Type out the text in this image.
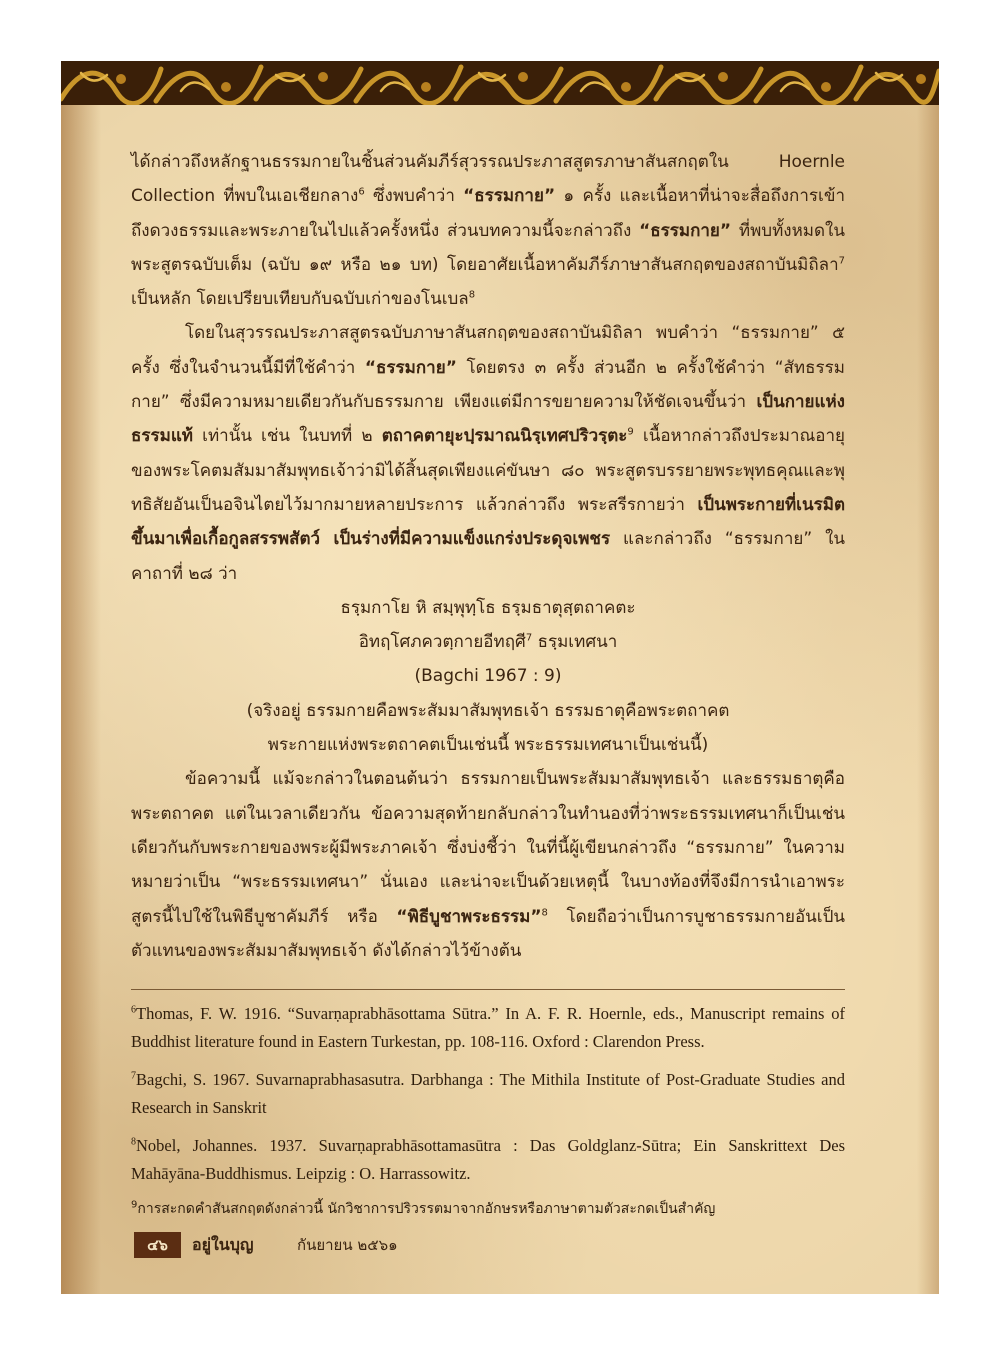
ได้กล่าวถึงหลักฐานธรรมกายในชิ้นส่วนคัมภีร์สุวรรณประภาสสูตรภาษาสันสกฤตใน Hoernle Collection ที่พบในเอเชียกลาง$^6$ ซึ่งพบคำว่า “ธรรมกาย” ๑ ครั้ง และเนื้อหาที่น่าจะสื่อถึงการเข้าถึงดวงธรรมและพระภายในไปแล้วครั้งหนึ่ง ส่วนบทความนี้จะกล่าวถึง “ธรรมกาย” ที่พบทั้งหมดในพระสูตรฉบับเต็ม (ฉบับ ๑๙ หรือ ๒๑ บท) โดยอาศัยเนื้อหาคัมภีร์ภาษาสันสกฤตของสถาบันมิถิลา$^7$ เป็นหลัก โดยเปรียบเทียบกับฉบับเก่าของโนเบล$^8$

โดยในสุวรรณประภาสสูตรฉบับภาษาสันสกฤตของสถาบันมิถิลา พบคำว่า “ธรรมกาย” ๕ ครั้ง ซึ่งในจำนวนนี้มีที่ใช้คำว่า “ธรรมกาย” โดยตรง ๓ ครั้ง ส่วนอีก ๒ ครั้งใช้คำว่า “สัทธรรมกาย” ซึ่งมีความหมายเดียวกันกับธรรมกาย เพียงแต่มีการขยายความให้ชัดเจนขึ้นว่า เป็นกายแห่งธรรมแท้ เท่านั้น เช่น ในบทที่ ๒ ตถาคตายุะปฺรมาณนิรฺเทศปริวรฺตะ$^9$ เนื้อหากล่าวถึงประมาณอายุของพระโคตมสัมมาสัมพุทธเจ้าว่ามิได้สิ้นสุดเพียงแค่ขันษา ๘๐ พระสูตรบรรยายพระพุทธคุณและพุทธิสัยอันเป็นอจินไตยไว้มากมายหลายประการ แล้วกล่าวถึง พระสรีรกายว่า เป็นพระกายที่เนรมิตขึ้นมาเพื่อเกื้อกูลสรรพสัตว์ เป็นร่างที่มีความแข็งแกร่งประดุจเพชร และกล่าวถึง “ธรรมกาย” ในคาถาที่ ๒๘ ว่า

ธรฺมกาโย หิ สมฺพุทฺโธ ธรฺมธาตุสฺตถาคตะ

อิทฤโศภควตฺกายอีทฤศี$^7$ ธรฺมเทศนา

(Bagchi 1967 : 9)

(จริงอยู่ ธรรมกายคือพระสัมมาสัมพุทธเจ้า ธรรมธาตุคือพระตถาคต

พระกายแห่งพระตถาคตเป็นเช่นนี้ พระธรรมเทศนาเป็นเช่นนี้)

ข้อความนี้ แม้จะกล่าวในตอนต้นว่า ธรรมกายเป็นพระสัมมาสัมพุทธเจ้า และธรรมธาตุคือพระตถาคต แต่ในเวลาเดียวกัน ข้อความสุดท้ายกลับกล่าวในทำนองที่ว่าพระธรรมเทศนาก็เป็นเช่นเดียวกันกับพระกายของพระผู้มีพระภาคเจ้า ซึ่งบ่งชี้ว่า ในที่นี้ผู้เขียนกล่าวถึง “ธรรมกาย” ในความหมายว่าเป็น “พระธรรมเทศนา” นั่นเอง และน่าจะเป็นด้วยเหตุนี้ ในบางท้องที่จึงมีการนำเอาพระสูตรนี้ไปใช้ในพิธีบูชาคัมภีร์ หรือ “พิธีบูชาพระธรรม”$^8$ โดยถือว่าเป็นการบูชาธรรมกายอันเป็นตัวแทนของพระสัมมาสัมพุทธเจ้า ดังได้กล่าวไว้ข้างต้น

$^6$Thomas, F. W. 1916. “Suvarṇaprabhāsottama Sūtra.” In A. F. R. Hoernle, eds., Manuscript remains of Buddhist literature found in Eastern Turkestan, pp. 108-116. Oxford : Clarendon Press.
$^7$Bagchi, S. 1967. Suvarnaprabhasasutra. Darbhanga : The Mithila Institute of Post-Graduate Studies and Research in Sanskrit
$^8$Nobel, Johannes. 1937. Suvarṇaprabhāsottamasūtra : Das Goldglanz-Sūtra; Ein Sanskrittext Des Mahāyāna-Buddhismus. Leipzig : O. Harrassowitz.
$^9$การสะกดคำสันสกฤตดังกล่าวนี้ นักวิชาการปริวรรตมาจากอักษรหรือภาษาตามตัวสะกดเป็นสำคัญ
๔๖	อยู่ในบุญ	กันยายน ๒๕๖๑
